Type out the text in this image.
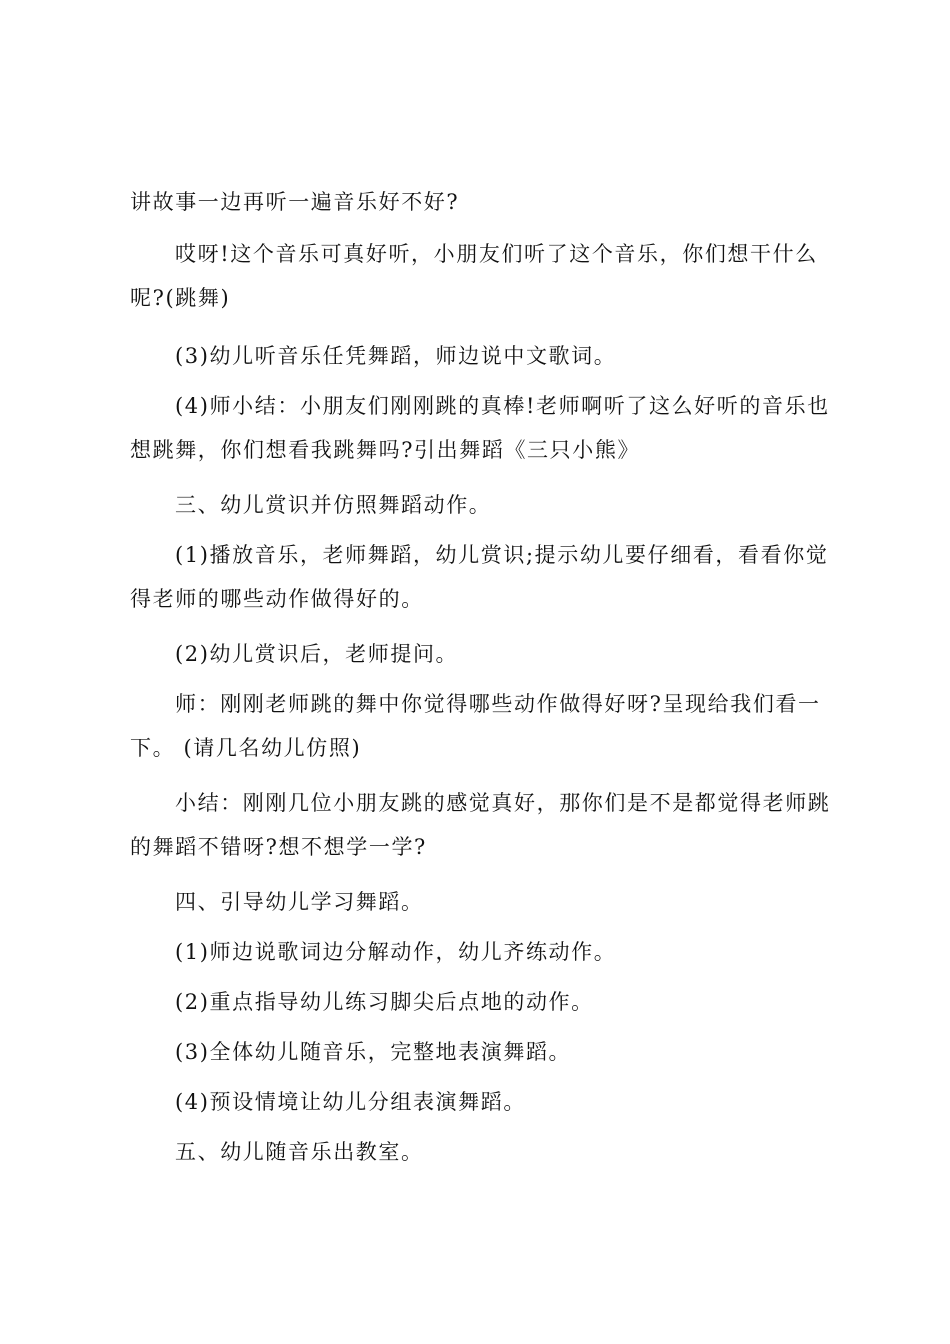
讲故事一边再听一遍音乐好不好?

哎呀!这个音乐可真好听，小朋友们听了这个音乐，你们想干什么呢?(跳舞)

(3)幼儿听音乐任凭舞蹈，师边说中文歌词。

(4)师小结：小朋友们刚刚跳的真棒!老师啊听了这么好听的音乐也想跳舞，你们想看我跳舞吗?引出舞蹈《三只小熊》

三、幼儿赏识并仿照舞蹈动作。

(1)播放音乐，老师舞蹈，幼儿赏识;提示幼儿要仔细看，看看你觉得老师的哪些动作做得好的。

(2)幼儿赏识后，老师提问。

师：刚刚老师跳的舞中你觉得哪些动作做得好呀?呈现给我们看一下。 (请几名幼儿仿照)

小结：刚刚几位小朋友跳的感觉真好，那你们是不是都觉得老师跳的舞蹈不错呀?想不想学一学?

四、引导幼儿学习舞蹈。

(1)师边说歌词边分解动作，幼儿齐练动作。

(2)重点指导幼儿练习脚尖后点地的动作。

(3)全体幼儿随音乐，完整地表演舞蹈。

(4)预设情境让幼儿分组表演舞蹈。

五、幼儿随音乐出教室。
